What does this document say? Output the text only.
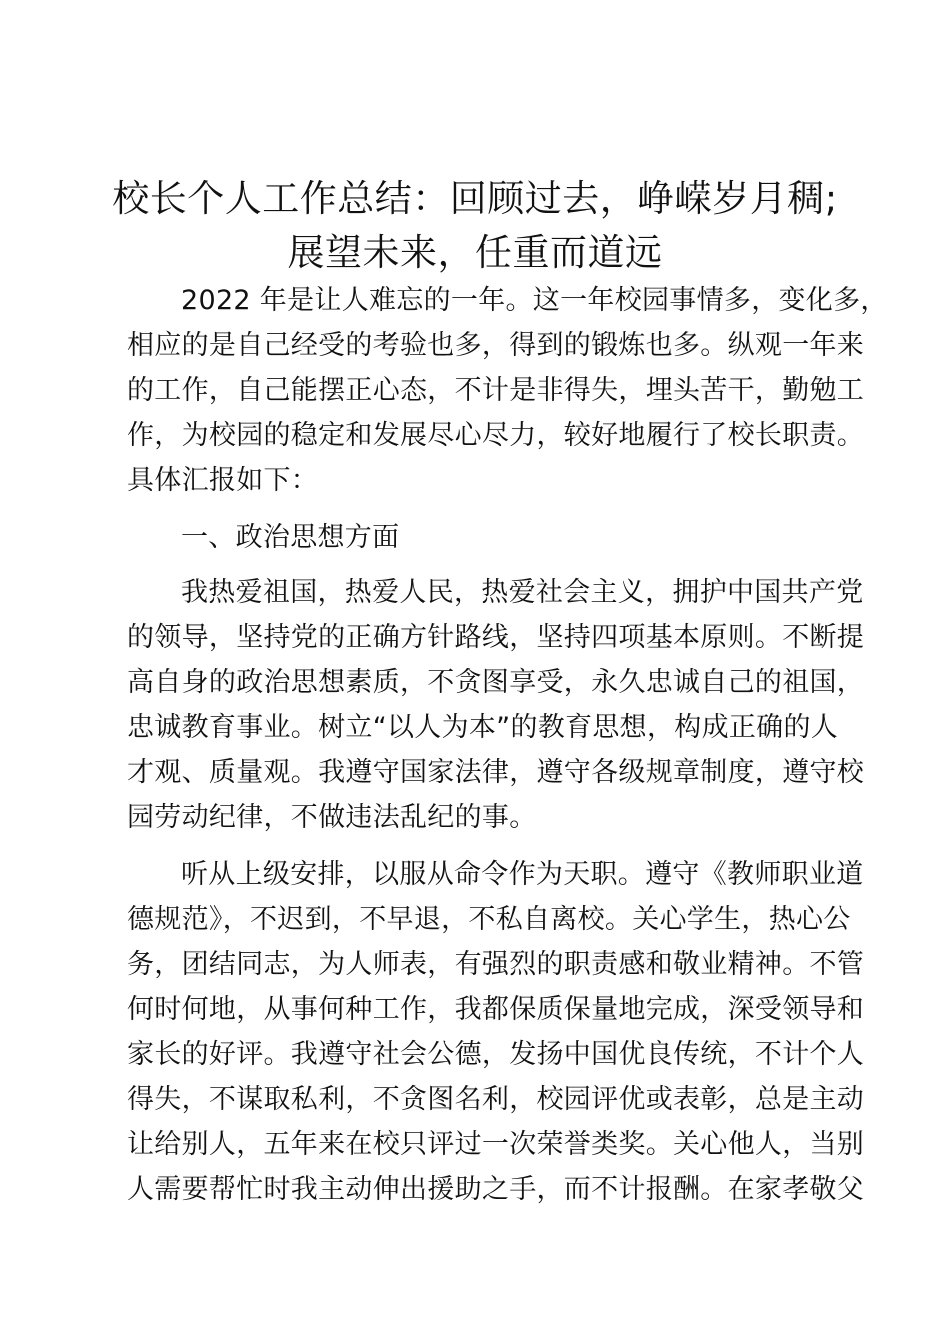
校长个人工作总结：回顾过去，峥嵘岁月稠;
展望未来，任重而道远
2022 年是让人难忘的一年。这一年校园事情多，变化多，
相应的是自己经受的考验也多，得到的锻炼也多。纵观一年来
的工作，自己能摆正心态，不计是非得失，埋头苦干，勤勉工
作，为校园的稳定和发展尽心尽力，较好地履行了校长职责。
具体汇报如下：
一、政治思想方面
我热爱祖国，热爱人民，热爱社会主义，拥护中国共产党
的领导，坚持党的正确方针路线，坚持四项基本原则。不断提
高自身的政治思想素质，不贪图享受，永久忠诚自己的祖国，
忠诚教育事业。树立“以人为本”的教育思想，构成正确的人
才观、质量观。我遵守国家法律，遵守各级规章制度，遵守校
园劳动纪律，不做违法乱纪的事。
听从上级安排，以服从命令作为天职。遵守《教师职业道
德规范》，不迟到，不早退，不私自离校。关心学生，热心公
务，团结同志，为人师表，有强烈的职责感和敬业精神。不管
何时何地，从事何种工作，我都保质保量地完成，深受领导和
家长的好评。我遵守社会公德，发扬中国优良传统，不计个人
得失，不谋取私利，不贪图名利，校园评优或表彰，总是主动
让给别人，五年来在校只评过一次荣誉类奖。关心他人，当别
人需要帮忙时我主动伸出援助之手，而不计报酬。在家孝敬父
